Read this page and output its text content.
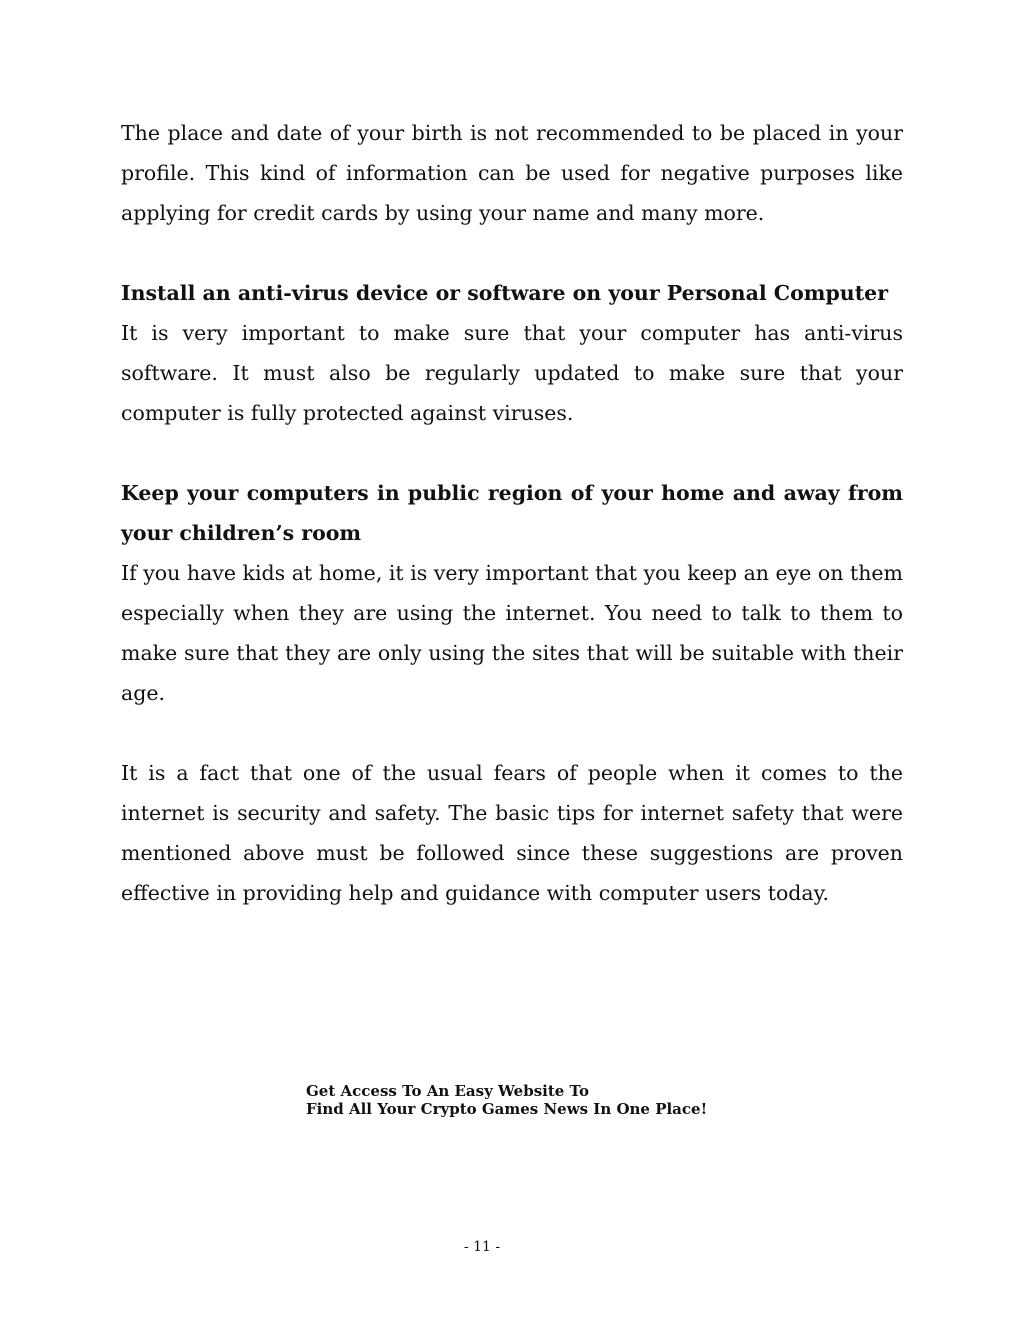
The place and date of your birth is not recommended to be placed in your profile. This kind of information can be used for negative purposes like applying for credit cards by using your name and many more.

Install an anti-virus device or software on your Personal Computer

It is very important to make sure that your computer has anti-virus software. It must also be regularly updated to make sure that your computer is fully protected against viruses.

Keep your computers in public region of your home and away from your children’s room

If you have kids at home, it is very important that you keep an eye on them especially when they are using the internet. You need to talk to them to make sure that they are only using the sites that will be suitable with their age.

It is a fact that one of the usual fears of people when it comes to the internet is security and safety. The basic tips for internet safety that were mentioned above must be followed since these suggestions are proven effective in providing help and guidance with computer users today.

Get Access To An Easy Website To
Find All Your Crypto Games News In One Place!
- 11 -
